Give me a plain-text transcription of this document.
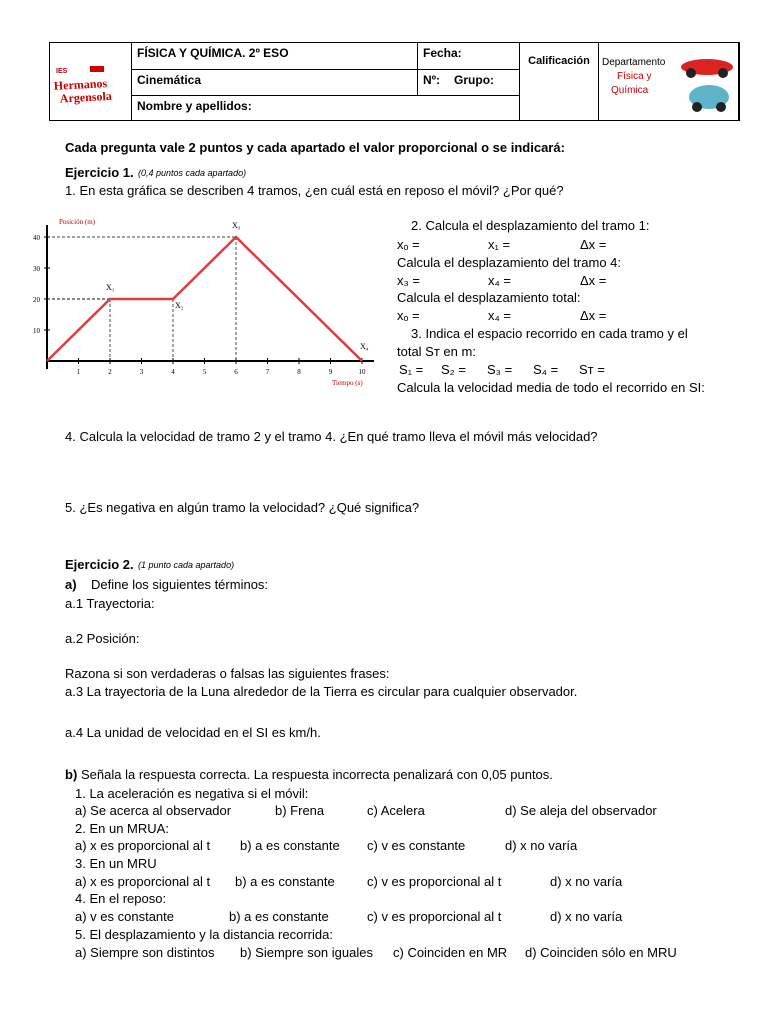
IES
Hermanos
Argensola
FÍSICA Y QUÍMICA. 2º ESO
Cinemática
Nombre y apellidos:
Fecha:
Nº: Grupo:
Calificación	Departamento
Física y
Química
Cada pregunta vale 2 puntos y cada apartado el valor proporcional o se indicará:
Ejercicio 1. (0,4 puntos cada apartado)
1. En esta gráfica se describen 4 tramos, ¿en cuál está en reposo el móvil? ¿Por qué?
1	2	3	4	5	6	7	8	9	10
10
20
30
40
Posición (m)
Tiempo (s)
X₁
X₂
X₃
X₄
2. Calcula el desplazamiento del tramo 1:
xₒ =	x₁ =	Δx =
Calcula el desplazamiento del tramo 4:
x₃ =	x₄ =	Δx =
Calcula el desplazamiento total:
xₒ =	x₄ =	Δx =
3. Indica el espacio recorrido en cada tramo y el
total Sᴛ en m:
S₁ = S₂ = S₃ = S₄ = Sᴛ =
Calcula la velocidad media de todo el recorrido en SI:
4. Calcula la velocidad de tramo 2 y el tramo 4. ¿En qué tramo lleva el móvil más velocidad?
5. ¿Es negativa en algún tramo la velocidad? ¿Qué significa?
Ejercicio 2. (1 punto cada apartado)
a) Define los siguientes términos:
a.1 Trayectoria:
a.2 Posición:
Razona si son verdaderas o falsas las siguientes frases:
a.3 La trayectoria de la Luna alrededor de la Tierra es circular para cualquier observador.
a.4 La unidad de velocidad en el SI es km/h.
b) Señala la respuesta correcta. La respuesta incorrecta penalizará con 0,05 puntos.
1. La aceleración es negativa si el móvil:
a) Se acerca al observador	b) Frena	c) Acelera	d) Se aleja del observador
2. En un MRUA:
a) x es proporcional al t b) a es constante c) v es constante	d) x no varía
3. En un MRU
a) x es proporcional al t b) a es constante c) v es proporcional al t	d) x no varía
4. En el reposo:
a) v es constante	b) a es constante	c) v es proporcional al t	d) x no varía
5. El desplazamiento y la distancia recorrida:
a) Siempre son distintos b) Siempre son iguales c) Coinciden en MR d) Coinciden sólo en MRU
